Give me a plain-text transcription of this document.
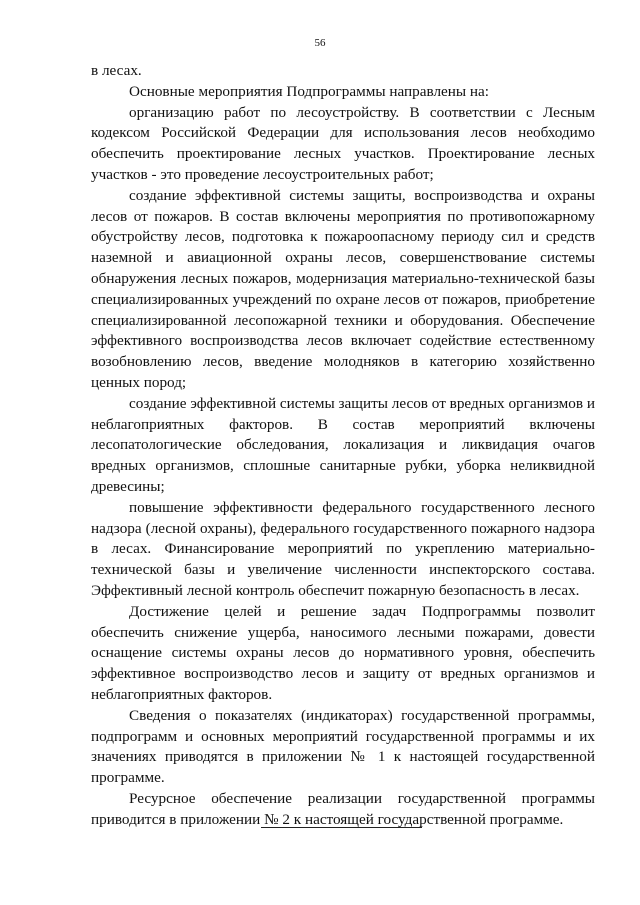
56

в лесах.

Основные мероприятия Подпрограммы направлены на:

организацию работ по лесоустройству. В соответствии с Лесным кодексом Российской Федерации для использования лесов необходимо обеспечить проектирование лесных участков. Проектирование лесных участков - это проведение лесоустроительных работ;

создание эффективной системы защиты, воспроизводства и охраны лесов от пожаров. В состав включены мероприятия по противопожарному обустройству лесов, подготовка к пожароопасному периоду сил и средств наземной и авиационной охраны лесов, совершенствование системы обнаружения лесных пожаров, модернизация материально-технической базы специализированных учреждений по охране лесов от пожаров, приобретение специализированной лесопожарной техники и оборудования. Обеспечение эффективного воспроизводства лесов включает содействие естественному возобновлению лесов, введение молодняков в категорию хозяйственно ценных пород;

создание эффективной системы защиты лесов от вредных организмов и неблагоприятных факторов. В состав мероприятий включены лесопатологические обследования, локализация и ликвидация очагов вредных организмов, сплошные санитарные рубки, уборка неликвидной древесины;

повышение эффективности федерального государственного лесного надзора (лесной охраны), федерального государственного пожарного надзора в лесах. Финансирование мероприятий по укреплению материально-технической базы и увеличение численности инспекторского состава. Эффективный лесной контроль обеспечит пожарную безопасность в лесах.

Достижение целей и решение задач Подпрограммы позволит обеспечить снижение ущерба, наносимого лесными пожарами, довести оснащение системы охраны лесов до нормативного уровня, обеспечить эффективное воспроизводство лесов и защиту от вредных организмов и неблагоприятных факторов.

Сведения о показателях (индикаторах) государственной программы, подпрограмм и основных мероприятий государственной программы и их значениях приводятся в приложении № 1 к настоящей государственной программе.

Ресурсное обеспечение реализации государственной программы приводится в приложении № 2 к настоящей государственной программе.
